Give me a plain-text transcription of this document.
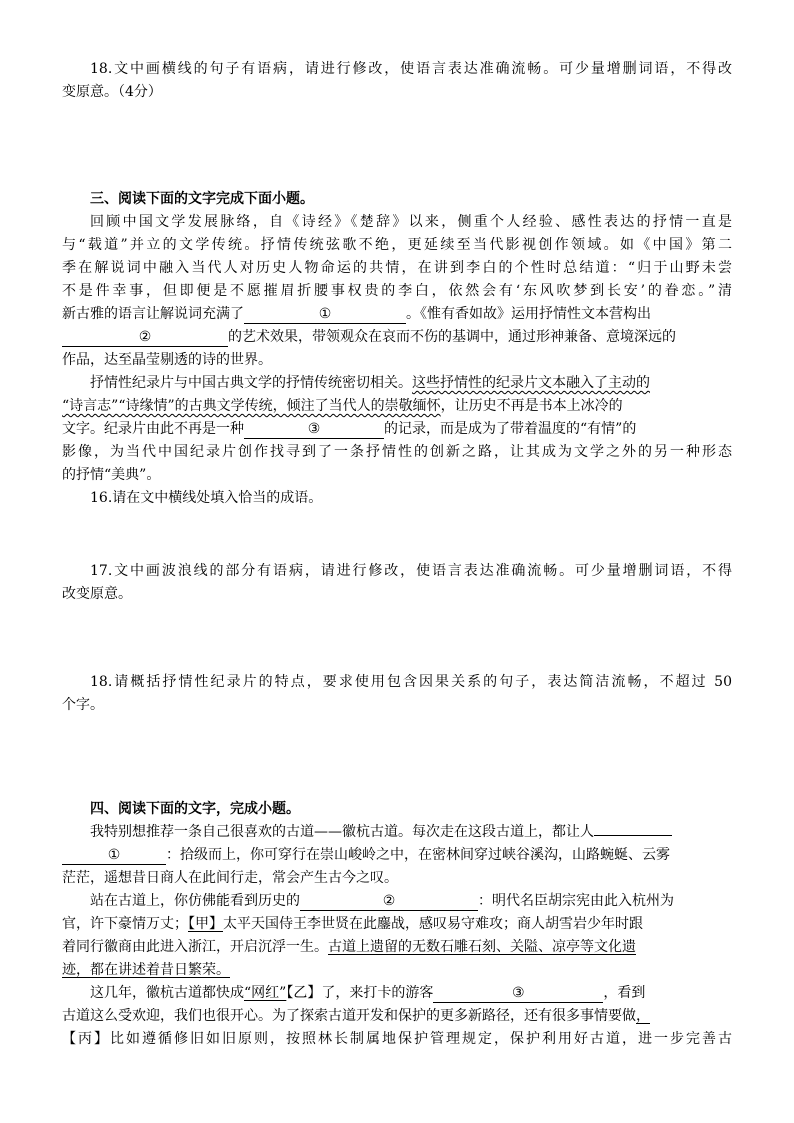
18.文中画横线的句子有语病，请进行修改，使语言表达准确流畅。可少量增删词语，不得改
变原意。（4分）
三、阅读下面的文字完成下面小题。
回顾中国文学发展脉络，自《诗经》《楚辞》以来，侧重个人经验、感性表达的抒情一直是
与“载道”并立的文学传统。抒情传统弦歌不绝，更延续至当代影视创作领域。如《中国》第二
季在解说词中融入当代人对历史人物命运的共情，在讲到李白的个性时总结道：“归于山野未尝
不是件幸事，但即便是不愿摧眉折腰事权贵的李白，依然会有‘东风吹梦到长安’的眷恋。”清
新古雅的语言让解说词充满了	①	。《惟有香如故》运用抒情性文本营构出
②	的艺术效果，带领观众在哀而不伤的基调中，通过形神兼备、意境深远的
作品，达至晶莹剔透的诗的世界。
抒情性纪录片与中国古典文学的抒情传统密切相关。这些抒情性的纪录片文本融入了主动的
“诗言志”“诗缘情”的古典文学传统，倾注了当代人的崇敬缅怀，让历史不再是书本上冰冷的
文字。纪录片由此不再是一种	③	的记录，而是成为了带着温度的“有情”的
影像，为当代中国纪录片创作找寻到了一条抒情性的创新之路，让其成为文学之外的另一种形态
的抒情“美典”。
16.请在文中横线处填入恰当的成语。
17.文中画波浪线的部分有语病，请进行修改，使语言表达准确流畅。可少量增删词语，不得
改变原意。
18.请概括抒情性纪录片的特点，要求使用包含因果关系的句子，表达简洁流畅，不超过 50
个字。
四、阅读下面的文字，完成小题。
我特别想推荐一条自己很喜欢的古道——徽杭古道。每次走在这段古道上，都让人
①	：拾级而上，你可穿行在崇山峻岭之中，在密林间穿过峡谷溪沟，山路蜿蜒、云雾
茫茫，遥想昔日商人在此间行走，常会产生古今之叹。
站在古道上，你仿佛能看到历史的	②	：明代名臣胡宗宪由此入杭州为
官，许下豪情万丈；【甲】太平天国侍王李世贤在此鏖战，感叹易守难攻；商人胡雪岩少年时跟
着同行徽商由此进入浙江，开启沉浮一生。古道上遗留的无数石雕石刻、关隘、凉亭等文化遗
迹，都在讲述着昔日繁荣。
这几年，徽杭古道都快成“网红”【乙】了，来打卡的游客	③	，看到
古道这么受欢迎，我们也很开心。为了探索古道开发和保护的更多新路径，还有很多事情要做，
【丙】比如遵循修旧如旧原则，按照林长制属地保护管理规定，保护利用好古道，进一步完善古
